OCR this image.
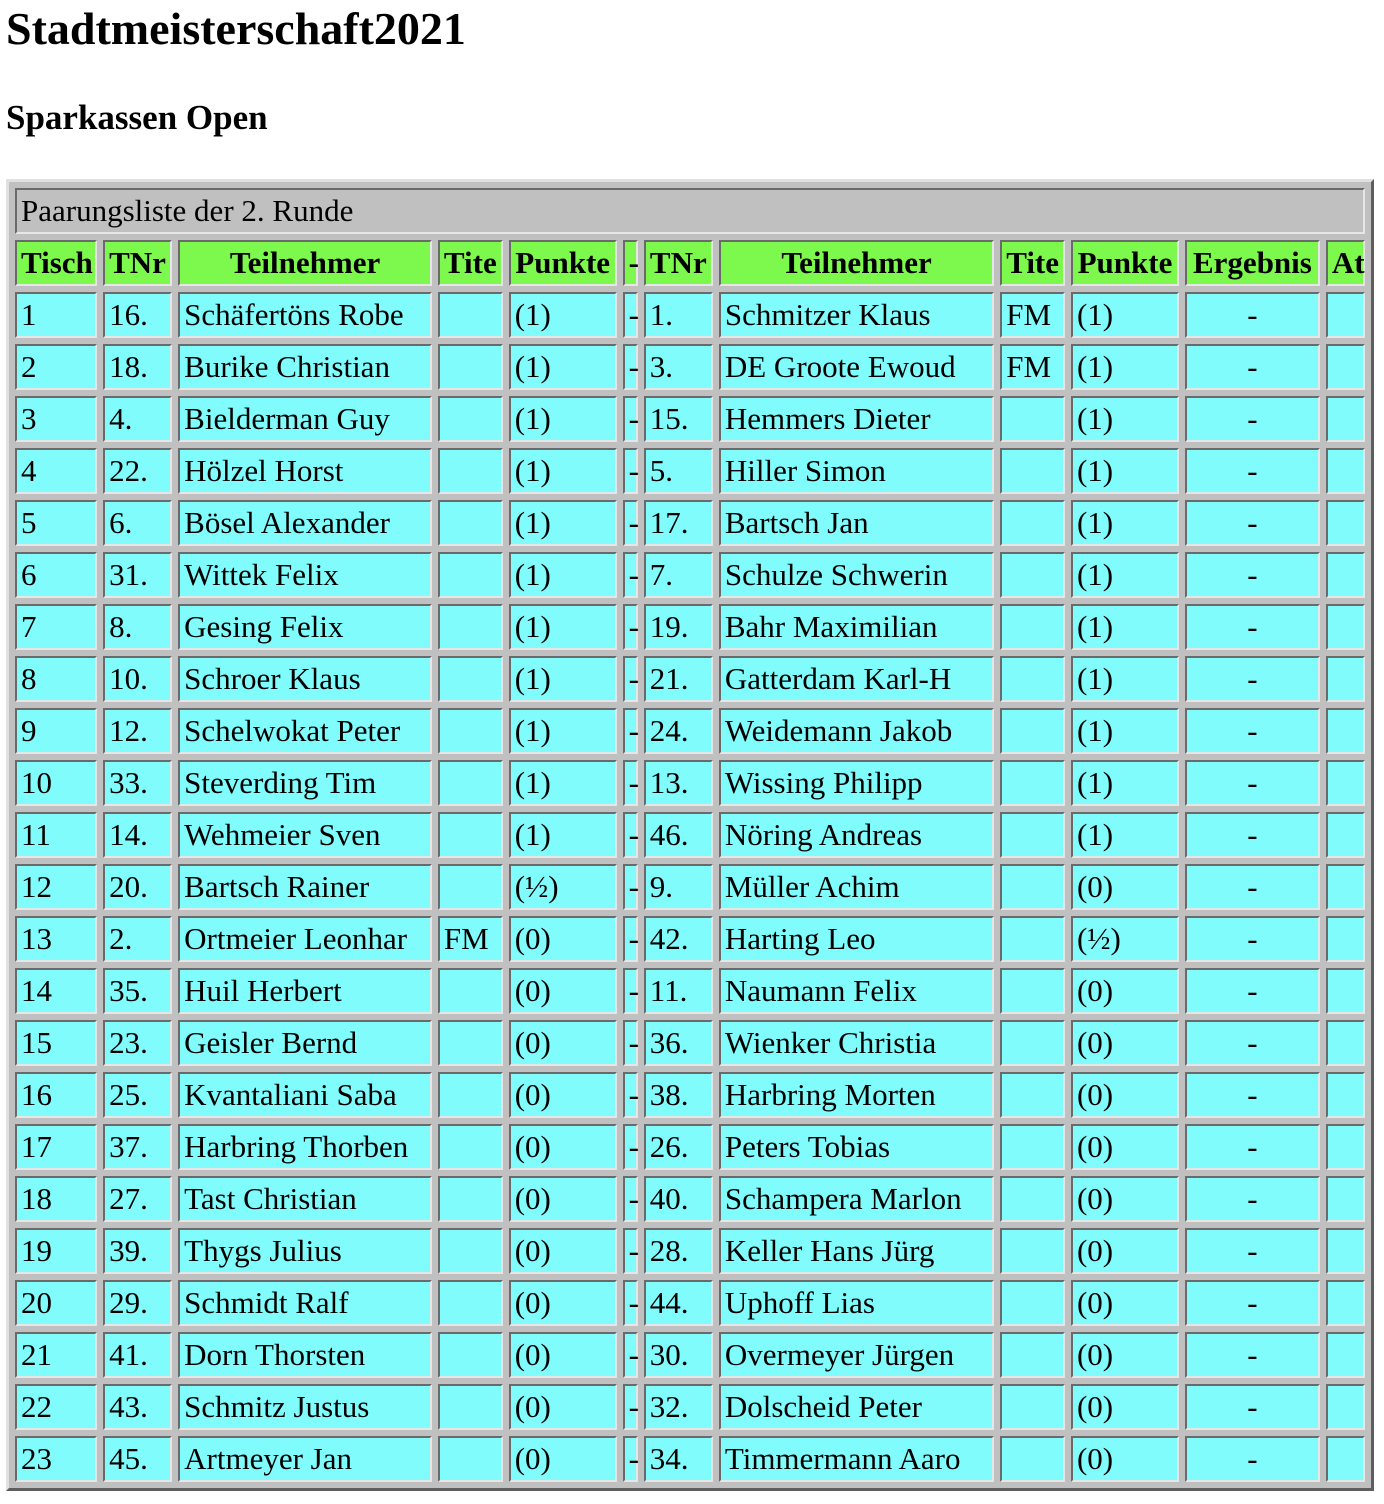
Stadtmeisterschaft2021
Sparkassen Open
Paarungsliste der 2. Runde											
Tisch	TNr	Teilnehmer	Tite	Punkte	-	TNr	Teilnehmer	Tite	Punkte	Ergebnis	At
1	16.	Schäfertöns Robe		(1)	-	1.	Schmitzer Klaus	FM	(1)	-	
2	18.	Burike Christian		(1)	-	3.	DE Groote Ewoud	FM	(1)	-	
3	4.	Bielderman Guy		(1)	-	15.	Hemmers Dieter		(1)	-	
4	22.	Hölzel Horst		(1)	-	5.	Hiller Simon		(1)	-	
5	6.	Bösel Alexander		(1)	-	17.	Bartsch Jan		(1)	-	
6	31.	Wittek Felix		(1)	-	7.	Schulze Schwerin		(1)	-	
7	8.	Gesing Felix		(1)	-	19.	Bahr Maximilian		(1)	-	
8	10.	Schroer Klaus		(1)	-	21.	Gatterdam Karl-H		(1)	-	
9	12.	Schelwokat Peter		(1)	-	24.	Weidemann Jakob		(1)	-	
10	33.	Steverding Tim		(1)	-	13.	Wissing Philipp		(1)	-	
11	14.	Wehmeier Sven		(1)	-	46.	Nöring Andreas		(1)	-	
12	20.	Bartsch Rainer		(½)	-	9.	Müller Achim		(0)	-	
13	2.	Ortmeier Leonhar	FM	(0)	-	42.	Harting Leo		(½)	-	
14	35.	Huil Herbert		(0)	-	11.	Naumann Felix		(0)	-	
15	23.	Geisler Bernd		(0)	-	36.	Wienker Christia		(0)	-	
16	25.	Kvantaliani Saba		(0)	-	38.	Harbring Morten		(0)	-	
17	37.	Harbring Thorben		(0)	-	26.	Peters Tobias		(0)	-	
18	27.	Tast Christian		(0)	-	40.	Schampera Marlon		(0)	-	
19	39.	Thygs Julius		(0)	-	28.	Keller Hans Jürg		(0)	-	
20	29.	Schmidt Ralf		(0)	-	44.	Uphoff Lias		(0)	-	
21	41.	Dorn Thorsten		(0)	-	30.	Overmeyer Jürgen		(0)	-	
22	43.	Schmitz Justus		(0)	-	32.	Dolscheid Peter		(0)	-	
23	45.	Artmeyer Jan		(0)	-	34.	Timmermann Aaro		(0)	-	
